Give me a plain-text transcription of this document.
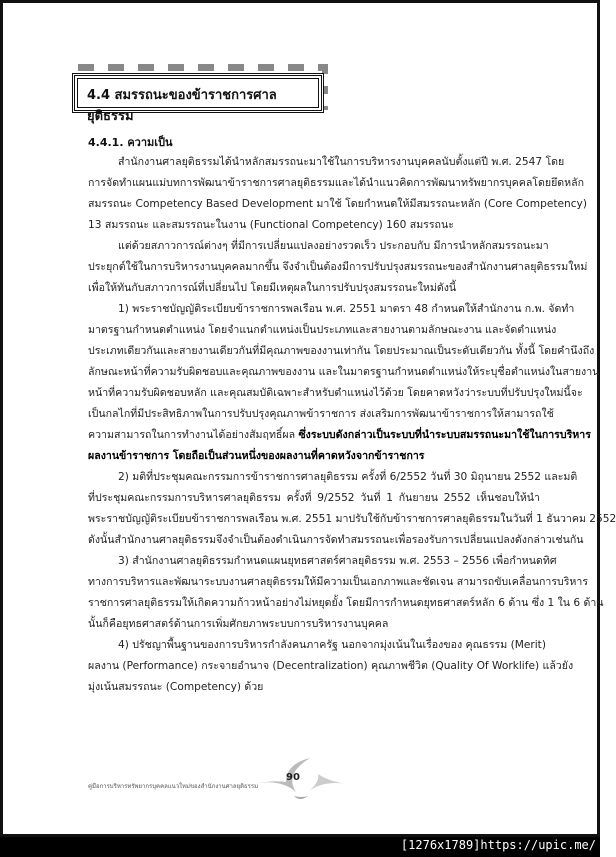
4.4 สมรรถนะของข้าราชการศาลยุติธรรม
4.4.1. ความเป็น
สำนักงานศาลยุติธรรมได้นำหลักสมรรถนะมาใช้ในการบริหารงานบุคคลนับตั้งแต่ปี พ.ศ. 2547 โดย
การจัดทำแผนแม่บทการพัฒนาข้าราชการศาลยุติธรรมและได้นำแนวคิดการพัฒนาทรัพยากรบุคคลโดยยึดหลัก
สมรรถนะ Competency Based Development มาใช้ โดยกำหนดให้มีสมรรถนะหลัก (Core Competency)
13 สมรรถนะ และสมรรถนะในงาน (Functional Competency) 160 สมรรถนะ
แต่ด้วยสภาวการณ์ต่างๆ ที่มีการเปลี่ยนแปลงอย่างรวดเร็ว ประกอบกับ มีการนำหลักสมรรถนะมา
ประยุกต์ใช้ในการบริหารงานบุคคลมากขึ้น จึงจำเป็นต้องมีการปรับปรุงสมรรถนะของสำนักงานศาลยุติธรรมใหม่
เพื่อให้ทันกับสภาวการณ์ที่เปลี่ยนไป โดยมีเหตุผลในการปรับปรุงสมรรถนะใหม่ดังนี้
1) พระราชบัญญัติระเบียบข้าราชการพลเรือน พ.ศ. 2551 มาตรา 48 กำหนดให้สำนักงาน ก.พ. จัดทำ
มาตรฐานกำหนดตำแหน่ง โดยจำแนกตำแหน่งเป็นประเภทและสายงานตามลักษณะงาน และจัดตำแหน่ง
ประเภทเดียวกันและสายงานเดียวกันที่มีคุณภาพของงานเท่ากัน โดยประมาณเป็นระดับเดียวกัน ทั้งนี้ โดยคำนึงถึง
ลักษณะหน้าที่ความรับผิดชอบและคุณภาพของงาน และในมาตรฐานกำหนดตำแหน่งให้ระบุชื่อตำแหน่งในสายงาน
หน้าที่ความรับผิดชอบหลัก และคุณสมบัติเฉพาะสำหรับตำแหน่งไว้ด้วย โดยคาดหวังว่าระบบที่ปรับปรุงใหม่นี้จะ
เป็นกลไกที่มีประสิทธิภาพในการปรับปรุงคุณภาพข้าราชการ ส่งเสริมการพัฒนาข้าราชการให้สามารถใช้
ความสามารถในการทำงานได้อย่างสัมฤทธิ์ผล ซึ่งระบบดังกล่าวเป็นระบบที่นำระบบสมรรถนะมาใช้ในการบริหาร
ผลงานข้าราชการ โดยถือเป็นส่วนหนึ่งของผลงานที่คาดหวังจากข้าราชการ
2) มติที่ประชุมคณะกรรมการข้าราชการศาลยุติธรรม ครั้งที่ 6/2552 วันที่ 30 มิถุนายน 2552 และมติ
ที่ประชุมคณะกรรมการบริหารศาลยุติธรรม ครั้งที่ 9/2552 วันที่ 1 กันยายน 2552 เห็นชอบให้นำ
พระราชบัญญัติระเบียบข้าราชการพลเรือน พ.ศ. 2551 มาปรับใช้กับข้าราชการศาลยุติธรรมในวันที่ 1 ธันวาคม 2552
ดังนั้นสำนักงานศาลยุติธรรมจึงจำเป็นต้องดำเนินการจัดทำสมรรถนะเพื่อรองรับการเปลี่ยนแปลงดังกล่าวเช่นกัน
3) สำนักงานศาลยุติธรรมกำหนดแผนยุทธศาสตร์ศาลยุติธรรม พ.ศ. 2553 – 2556 เพื่อกำหนดทิศ
ทางการบริหารและพัฒนาระบบงานศาลยุติธรรมให้มีความเป็นเอกภาพและชัดเจน สามารถขับเคลื่อนการบริหาร
ราชการศาลยุติธรรมให้เกิดความก้าวหน้าอย่างไม่หยุดยั้ง โดยมีการกำหนดยุทธศาสตร์หลัก 6 ด้าน ซึ่ง 1 ใน 6 ด้าน
นั้นก็คือยุทธศาสตร์ด้านการเพิ่มศักยภาพระบบการบริหารงานบุคคล
4) ปรัชญาพื้นฐานของการบริหารกำลังคนภาครัฐ นอกจากมุ่งเน้นในเรื่องของ คุณธรรม (Merit)
ผลงาน (Performance) กระจายอำนาจ (Decentralization) คุณภาพชีวิต (Quality Of Worklife) แล้วยัง
มุ่งเน้นสมรรถนะ (Competency) ด้วย
คู่มือการบริหารทรัพยากรบุคคลแนวใหม่ของสำนักงานศาลยุติธรรม
90
[1276x1789]https://upic.me/
